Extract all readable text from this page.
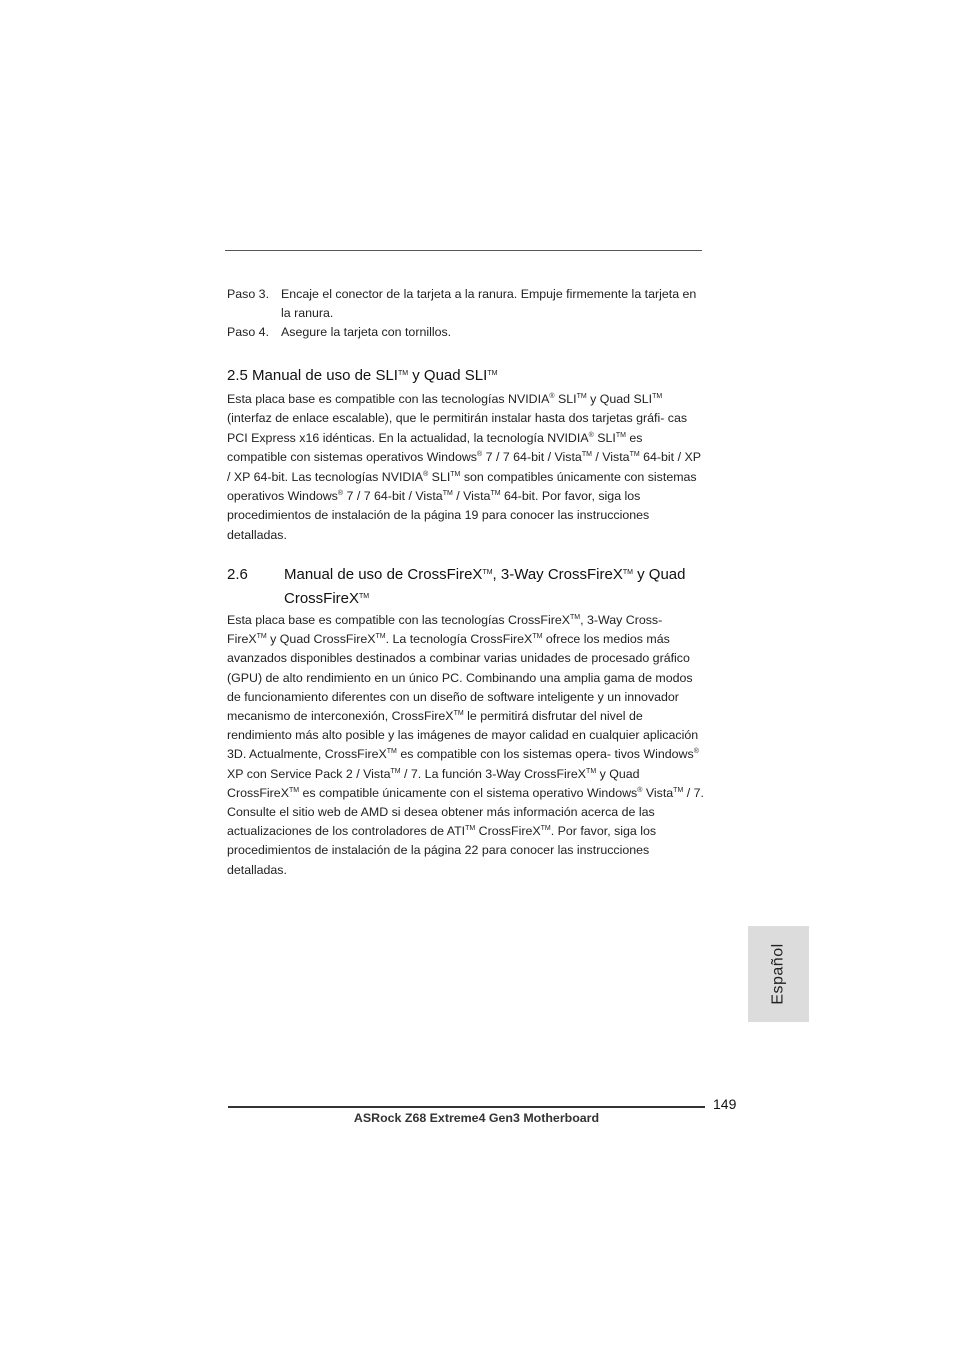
Paso 3. Encaje el conector de la tarjeta a la ranura. Empuje firmemente la tarjeta en la ranura.
Paso 4. Asegure la tarjeta con tornillos.
2.5 Manual de uso de SLI™ y Quad SLI™
Esta placa base es compatible con las tecnologías NVIDIA® SLI™ y Quad SLI™ (interfaz de enlace escalable), que le permitirán instalar hasta dos tarjetas gráfi- cas PCI Express x16 idénticas. En la actualidad, la tecnología NVIDIA® SLI™ es compatible con sistemas operativos Windows® 7 / 7 64-bit / Vista™ / Vista™ 64-bit / XP / XP 64-bit. Las tecnologías NVIDIA® SLI™ son compatibles únicamente con sistemas operativos Windows® 7 / 7 64-bit / Vista™ / Vista™ 64-bit. Por favor, siga los procedimientos de instalación de la página 19 para conocer las instrucciones detalladas.
2.6 Manual de uso de CrossFireX™, 3-Way CrossFireX™ y Quad CrossFireX™
Esta placa base es compatible con las tecnologías CrossFireX™, 3-Way Cross- FireX™ y Quad CrossFireX™. La tecnología CrossFireX™ ofrece los medios más avanzados disponibles destinados a combinar varias unidades de procesado gráfico (GPU) de alto rendimiento en un único PC. Combinando una amplia gama de modos de funcionamiento diferentes con un diseño de software inteligente y un innovador mecanismo de interconexión, CrossFireX™ le permitirá disfrutar del nivel de rendimiento más alto posible y las imágenes de mayor calidad en cualquier aplicación 3D. Actualmente, CrossFireX™ es compatible con los sistemas opera- tivos Windows® XP con Service Pack 2 / Vista™ / 7. La función 3-Way CrossFireX™ y Quad CrossFireX™ es compatible únicamente con el sistema operativo Windows® Vista™ / 7. Consulte el sitio web de AMD si desea obtener más información acerca de las actualizaciones de los controladores de ATI™ CrossFireX™. Por favor, siga los procedimientos de instalación de la página 22 para conocer las instrucciones detalladas.
Español
149
ASRock Z68 Extreme4 Gen3 Motherboard
